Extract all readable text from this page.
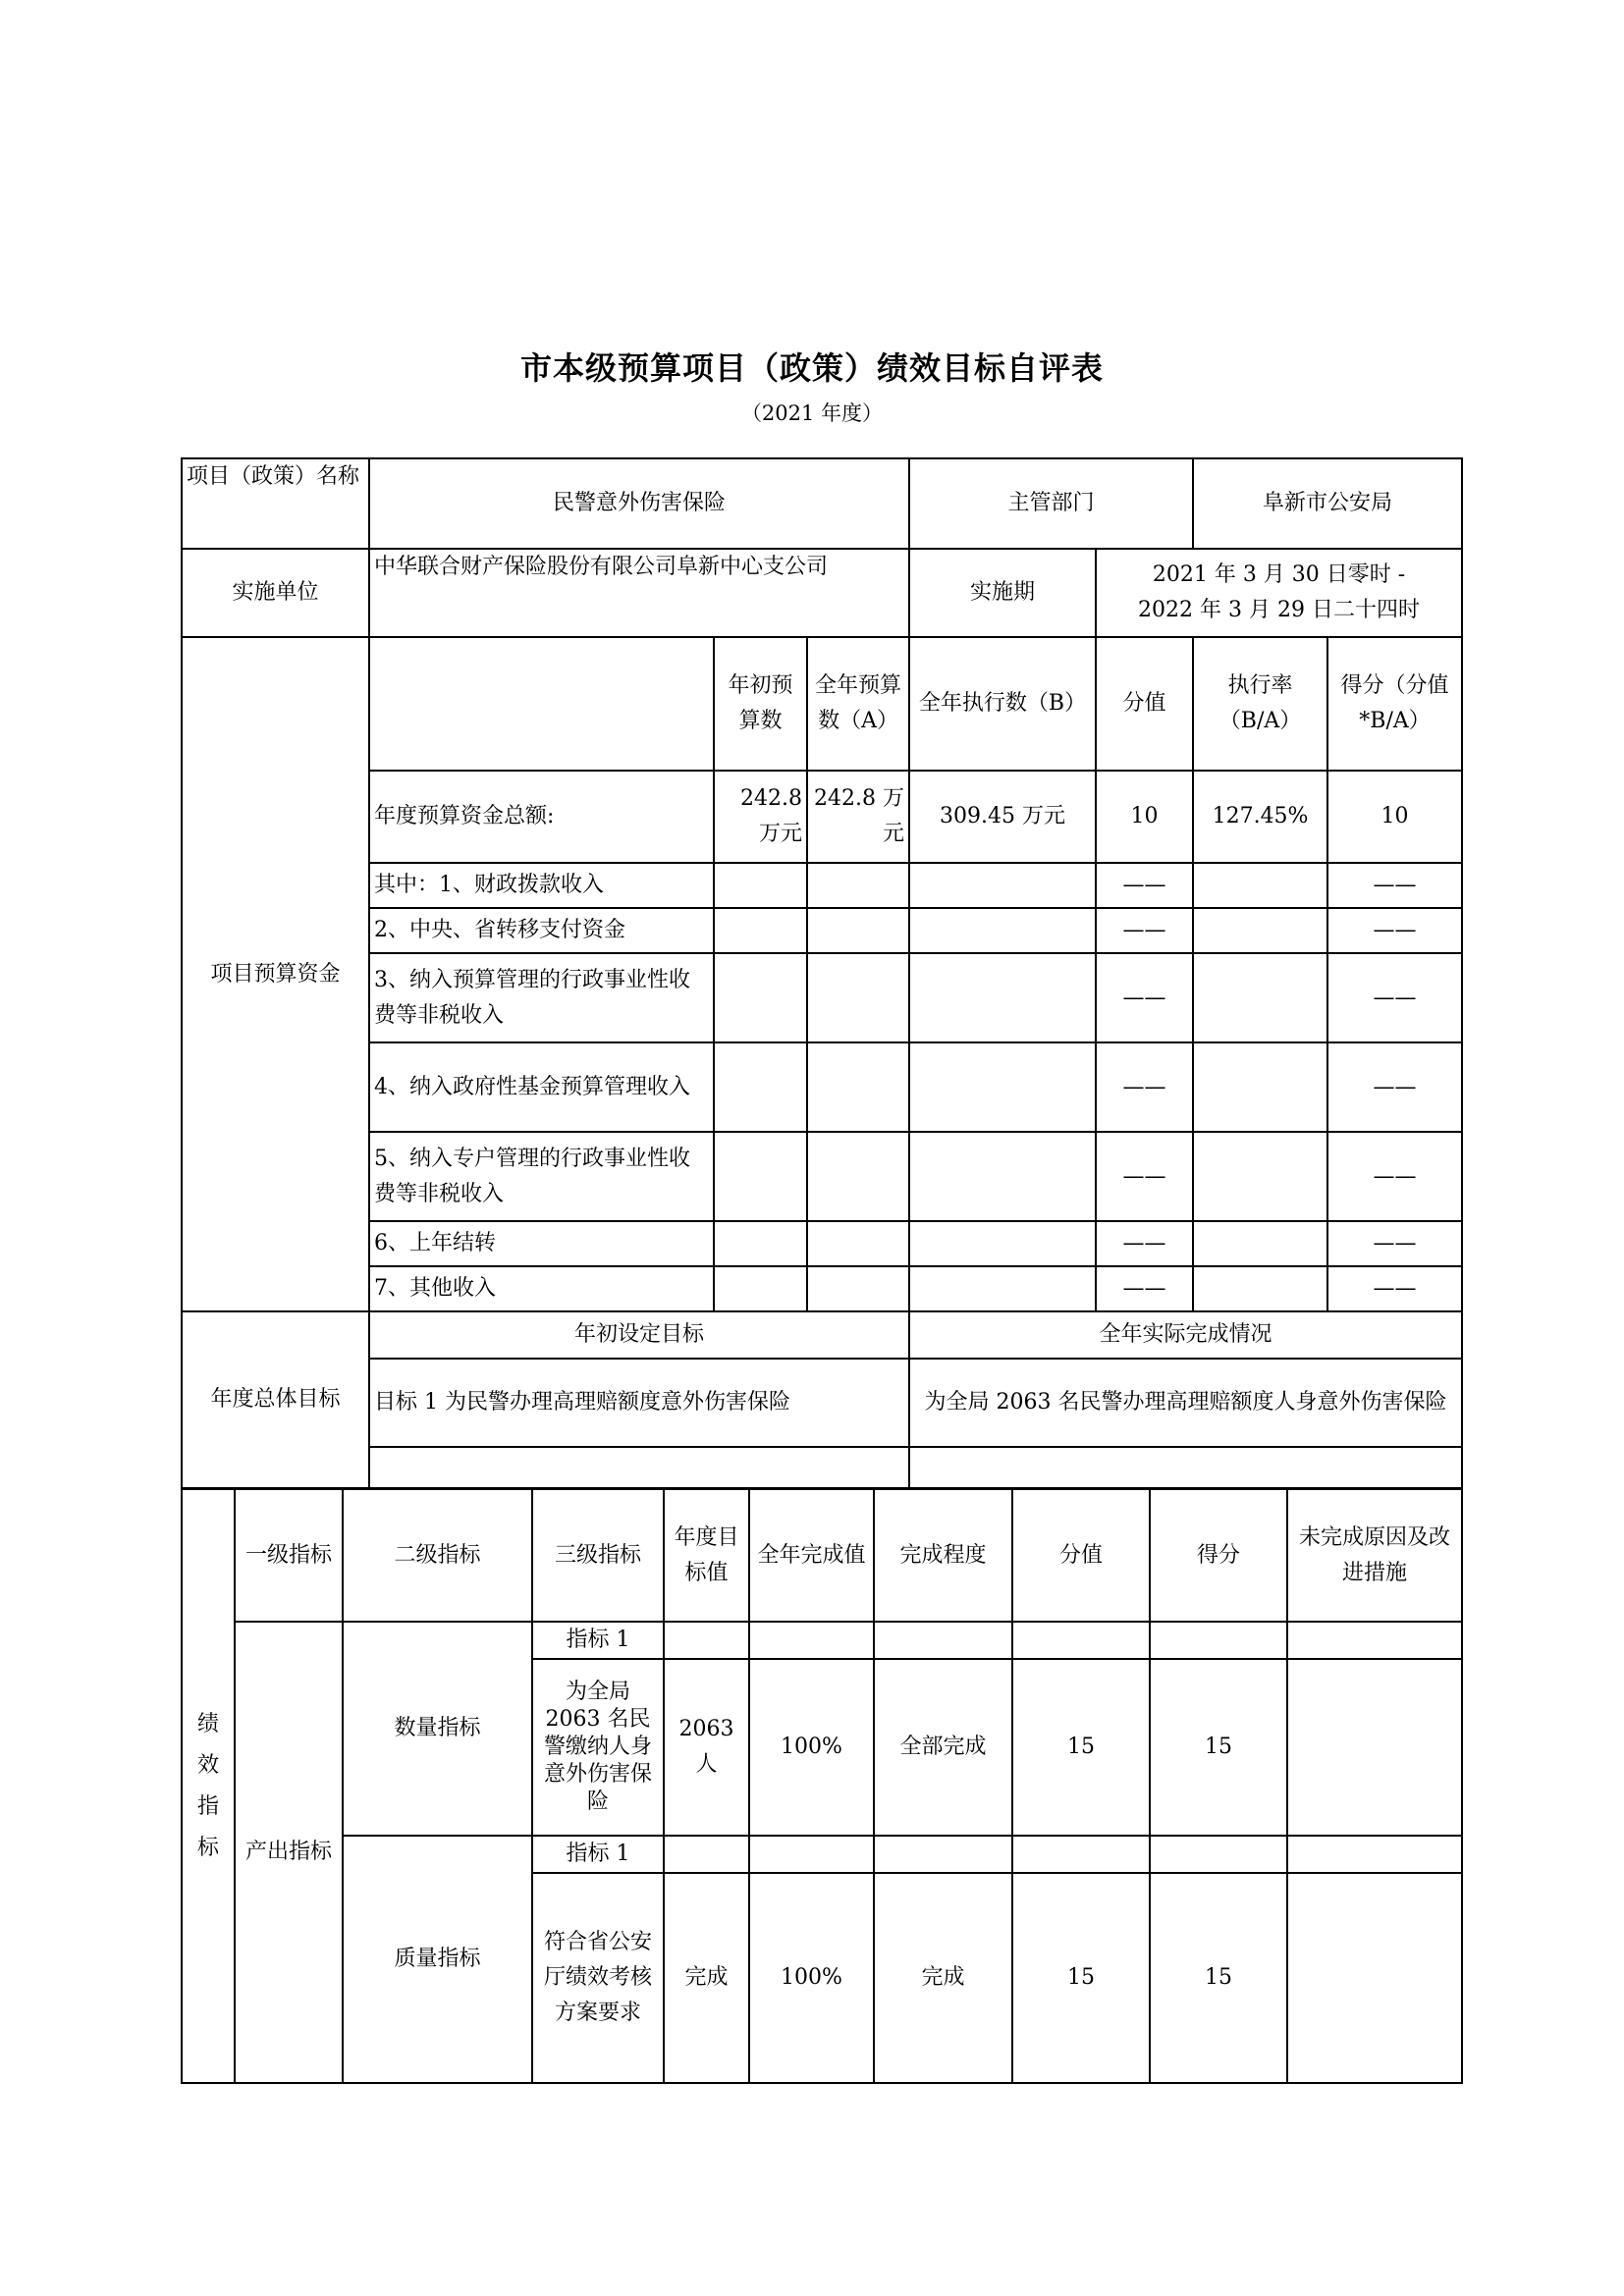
市本级预算项目（政策）绩效目标自评表
（2021 年度）
项目（政策）名称	民警意外伤害保险			主管部门		阜新市公安局	
实施单位	中华联合财产保险股份有限公司阜新中心支公司			实施期	2021 年 3 月 30 日零时 -
2022 年 3 月 29 日二十四时		

项目预算资金		年初预算数	全年预算数（A）	全年执行数（B）	分值	执行率（B/A）	得分（分值*B/A）
	年度预算资金总额:	242.8 万元	242.8 万元	309.45 万元	10	127.45%	10
	其中：1、财政拨款收入				——		——
	2、中央、省转移支付资金				——		——
	3、纳入预算管理的行政事业性收费等非税收入				——		——
	4、纳入政府性基金预算管理收入				——		——
	5、纳入专户管理的行政事业性收费等非税收入				——		——
	6、上年结转				——		——
	7、其他收入				——		——
年度总体目标	年初设定目标			全年实际完成情况			
	目标 1 为民警办理高理赔额度意外伤害保险			为全局 2063 名民警办理高理赔额度人身意外伤害保险			

绩效指标	一级指标	二级指标	三级指标	年度目标值	全年完成值	完成程度	分值	得分	未完成原因及改进措施
	产出指标	数量指标	指标 1						
			为全局 2063 名民警缴纳人身意外伤害保险	2063 人	100%	全部完成	15	15	
		质量指标	指标 1						
			符合省公安厅绩效考核方案要求	完成	100%	完成	15	15	
